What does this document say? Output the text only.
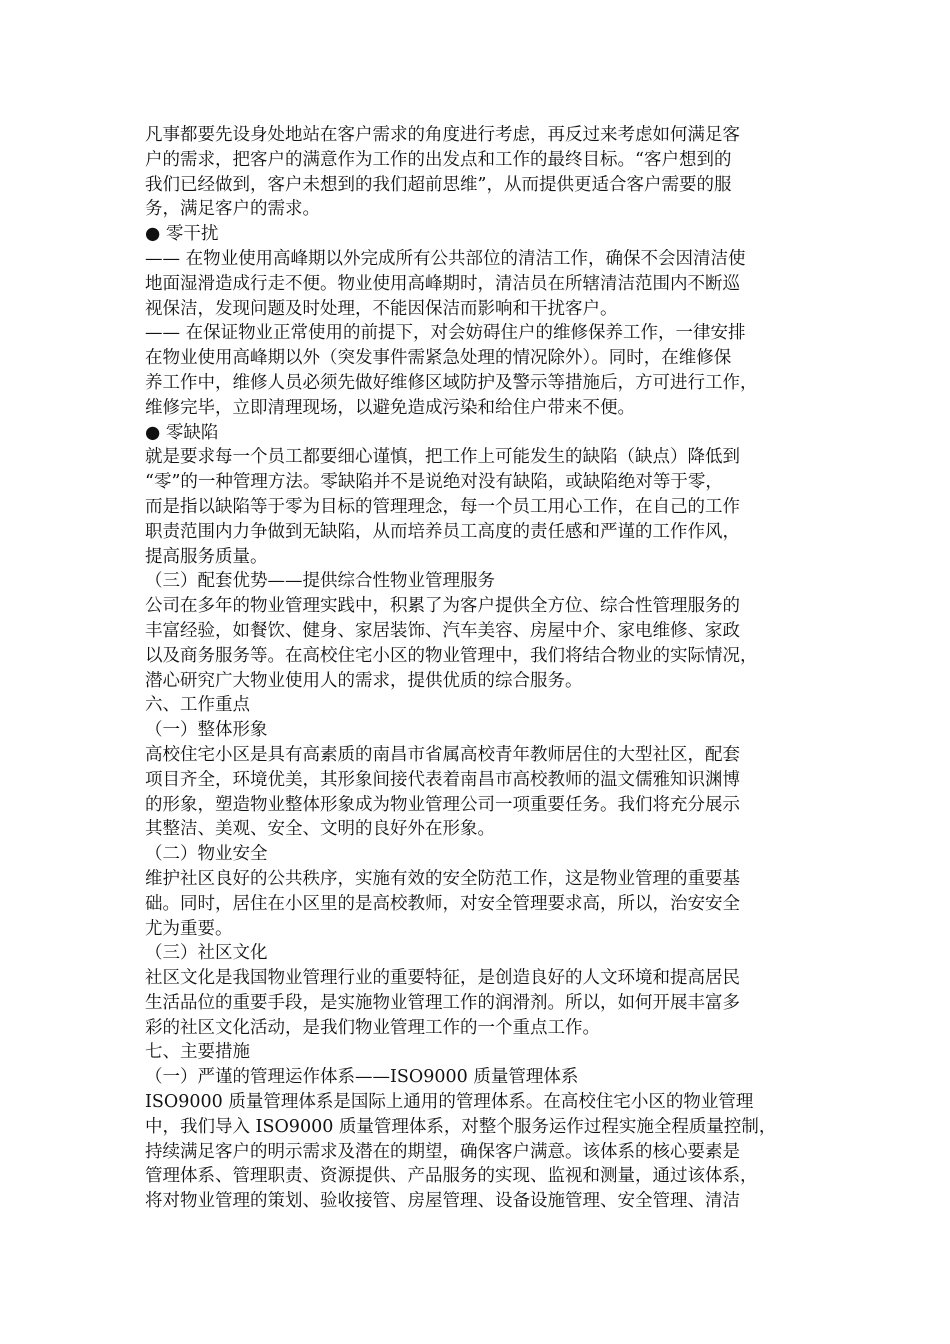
凡事都要先设身处地站在客户需求的角度进行考虑，再反过来考虑如何满足客
户的需求，把客户的满意作为工作的出发点和工作的最终目标。“客户想到的
我们已经做到，客户未想到的我们超前思维”，从而提供更适合客户需要的服
务，满足客户的需求。
● 零干扰
—— 在物业使用高峰期以外完成所有公共部位的清洁工作，确保不会因清洁使
地面湿滑造成行走不便。物业使用高峰期时，清洁员在所辖清洁范围内不断巡
视保洁，发现问题及时处理，不能因保洁而影响和干扰客户。
—— 在保证物业正常使用的前提下，对会妨碍住户的维修保养工作，一律安排
在物业使用高峰期以外（突发事件需紧急处理的情况除外）。同时，在维修保
养工作中，维修人员必须先做好维修区域防护及警示等措施后，方可进行工作，
维修完毕，立即清理现场，以避免造成污染和给住户带来不便。
● 零缺陷
就是要求每一个员工都要细心谨慎，把工作上可能发生的缺陷（缺点）降低到
“零”的一种管理方法。零缺陷并不是说绝对没有缺陷，或缺陷绝对等于零，
而是指以缺陷等于零为目标的管理理念，每一个员工用心工作，在自己的工作
职责范围内力争做到无缺陷，从而培养员工高度的责任感和严谨的工作作风，
提高服务质量。
（三）配套优势——提供综合性物业管理服务
公司在多年的物业管理实践中，积累了为客户提供全方位、综合性管理服务的
丰富经验，如餐饮、健身、家居装饰、汽车美容、房屋中介、家电维修、家政
以及商务服务等。在高校住宅小区的物业管理中，我们将结合物业的实际情况，
潜心研究广大物业使用人的需求，提供优质的综合服务。
六、工作重点
（一）整体形象
高校住宅小区是具有高素质的南昌市省属高校青年教师居住的大型社区，配套
项目齐全，环境优美，其形象间接代表着南昌市高校教师的温文儒雅知识渊博
的形象，塑造物业整体形象成为物业管理公司一项重要任务。我们将充分展示
其整洁、美观、安全、文明的良好外在形象。
（二）物业安全
维护社区良好的公共秩序，实施有效的安全防范工作，这是物业管理的重要基
础。同时，居住在小区里的是高校教师，对安全管理要求高，所以，治安安全
尤为重要。
（三）社区文化
社区文化是我国物业管理行业的重要特征，是创造良好的人文环境和提高居民
生活品位的重要手段，是实施物业管理工作的润滑剂。所以，如何开展丰富多
彩的社区文化活动，是我们物业管理工作的一个重点工作。
七、主要措施
（一）严谨的管理运作体系——ISO9000 质量管理体系
ISO9000 质量管理体系是国际上通用的管理体系。在高校住宅小区的物业管理
中，我们导入 ISO9000 质量管理体系，对整个服务运作过程实施全程质量控制，
持续满足客户的明示需求及潜在的期望，确保客户满意。该体系的核心要素是
管理体系、管理职责、资源提供、产品服务的实现、监视和测量，通过该体系，
将对物业管理的策划、验收接管、房屋管理、设备设施管理、安全管理、清洁
